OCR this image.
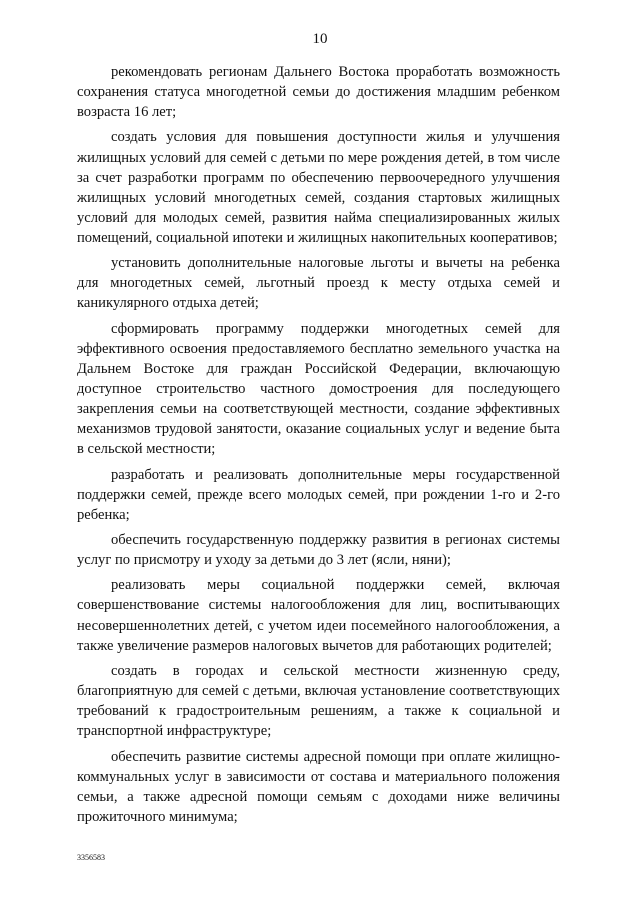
10

рекомендовать регионам Дальнего Востока проработать возможность сохранения статуса многодетной семьи до достижения младшим ребенком возраста 16 лет;

создать условия для повышения доступности жилья и улучшения жилищных условий для семей с детьми по мере рождения детей, в том числе за счет разработки программ по обеспечению первоочередного улучшения жилищных условий многодетных семей, создания стартовых жилищных условий для молодых семей, развития найма специализированных жилых помещений, социальной ипотеки и жилищных накопительных кооперативов;

установить дополнительные налоговые льготы и вычеты на ребенка для многодетных семей, льготный проезд к месту отдыха семей и каникулярного отдыха детей;

сформировать программу поддержки многодетных семей для эффективного освоения предоставляемого бесплатно земельного участка на Дальнем Востоке для граждан Российской Федерации, включающую доступное строительство частного домостроения для последующего закрепления семьи на соответствующей местности, создание эффективных механизмов трудовой занятости, оказание социальных услуг и ведение быта в сельской местности;

разработать и реализовать дополнительные меры государственной поддержки семей, прежде всего молодых семей, при рождении 1-го и 2-го ребенка;

обеспечить государственную поддержку развития в регионах системы услуг по присмотру и уходу за детьми до 3 лет (ясли, няни);

реализовать меры социальной поддержки семей, включая совершенствование системы налогообложения для лиц, воспитывающих несовершеннолетних детей, с учетом идеи посемейного налогообложения, а также увеличение размеров налоговых вычетов для работающих родителей;

создать в городах и сельской местности жизненную среду, благоприятную для семей с детьми, включая установление соответствующих требований к градостроительным решениям, а также к социальной и транспортной инфраструктуре;

обеспечить развитие системы адресной помощи при оплате жилищно-коммунальных услуг в зависимости от состава и материального положения семьи, а также адресной помощи семьям с доходами ниже величины прожиточного минимума;

3356583
